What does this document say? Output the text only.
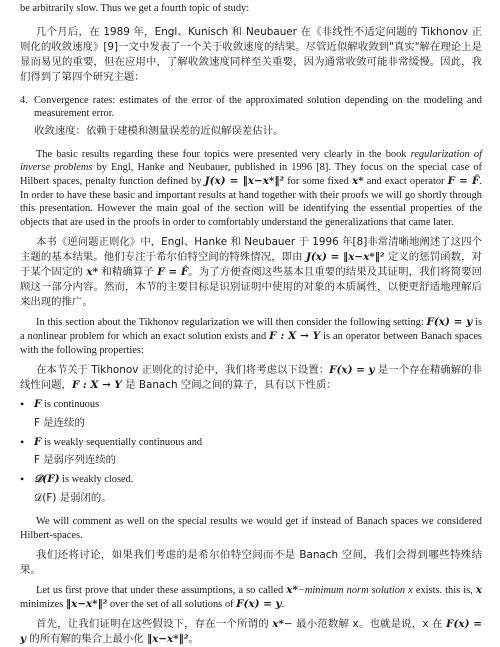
be arbitrarily slow. Thus we get a fourth topic of study:

几个月后，在 1989 年，Engl、Kunisch 和 Neubauer 在《非线性不适定问题的 Tikhonov 正则化的收敛速度》[9]一文中发表了一个关于收敛速度的结果。尽管近似解收敛到"真实"解在理论上是显而易见的重要，但在应用中，了解收敛速度同样至关重要，因为通常收敛可能非常缓慢。因此，我们得到了第四个研究主题：

4. Convergence rates: estimates of the error of the approximated solution depending on the modeling and measurement error.
收敛速度：依赖于建模和测量误差的近似解误差估计。

The basic results regarding these four topics were presented very clearly in the book regularization of inverse problems by Engl, Hanke and Neubauer, published in 1996 [8]. They focus on the special case of Hilbert spaces, penalty function defined by J(x) = ‖x−x*‖² for some fixed x* and exact operator F = F̂. In order to have these basic and important results at hand together with their proofs we will go shortly through this presentation. However the main goal of the section will be identifying the essential properties of the objects that are used in the proofs in order to comfortably understand the generalizations that came later.

本书《逆问题正则化》中，Engl、Hanke 和 Neubauer 于 1996 年[8]非常清晰地阐述了这四个主题的基本结果。他们专注于希尔伯特空间的特殊情况，即由 J(x) = ‖x−x*‖² 定义的惩罚函数，对于某个固定的 x* 和精确算子 F = F̂。为了方便查阅这些基本且重要的结果及其证明，我们将简要回顾这一部分内容。然而，本节的主要目标是识别证明中使用的对象的本质属性，以便更舒适地理解后来出现的推广。

In this section about the Tikhonov regularization we will then consider the following setting: F(x) = y is a nonlinear problem for which an exact solution exists and F : X → Y is an operator between Banach spaces with the following properties:

在本节关于 Tikhonov 正则化的讨论中，我们将考虑以下设置：F(x) = y 是一个存在精确解的非线性问题，F : X → Y 是 Banach 空间之间的算子，具有以下性质：

• F is continuous
F 是连续的
• F is weakly sequentially continuous and
F 是弱序列连续的
• 𝒟(F) is weakly closed.
𝒟(F) 是弱闭的。

We will comment as well on the special results we would get if instead of Banach spaces we considered Hilbert-spaces.

我们还将讨论，如果我们考虑的是希尔伯特空间而不是 Banach 空间，我们会得到哪些特殊结果。

Let us first prove that under these assumptions, a so called x*−minimum norm solution x exists. this is, x minimizes ‖x−x*‖² over the set of all solutions of F(x) = y.

首先，让我们证明在这些假设下，存在一个所谓的 x*− 最小范数解 x。也就是说，x 在 F(x) = y 的所有解的集合上最小化 ‖x−x*‖²。
